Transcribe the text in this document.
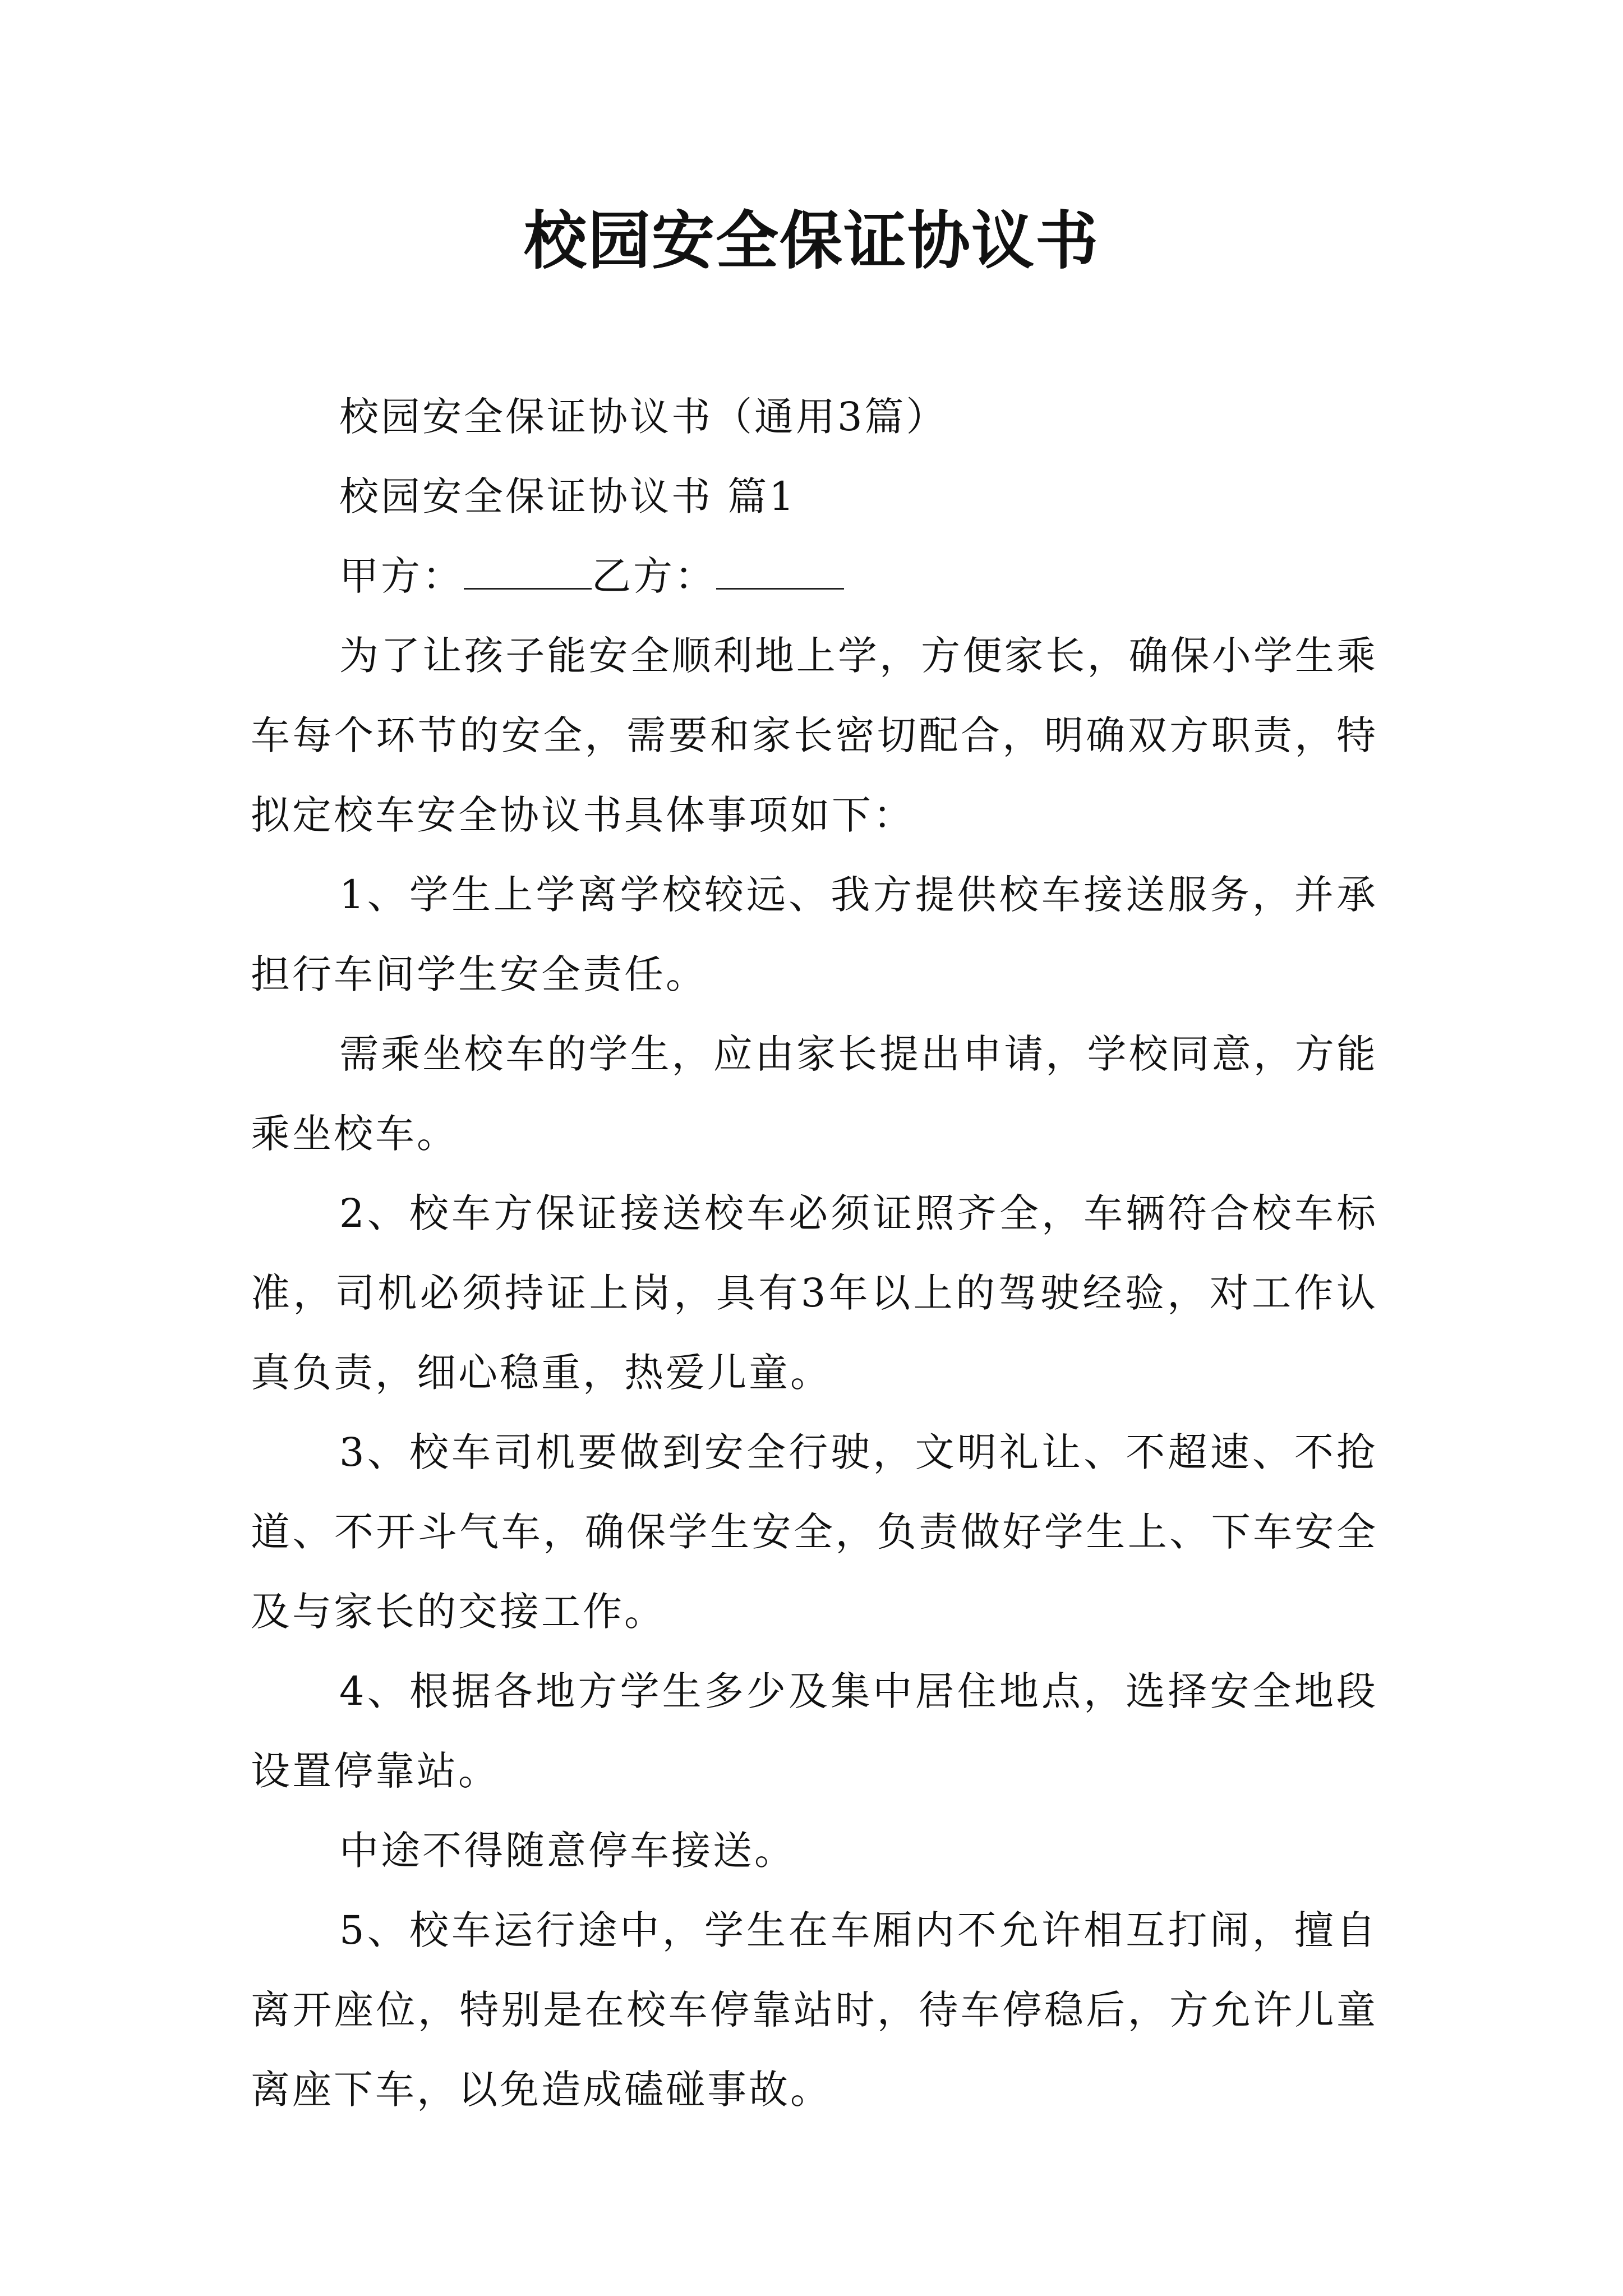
校园安全保证协议书

校园安全保证协议书（通用3篇）

校园安全保证协议书 篇1

甲方：	乙方：

为了让孩子能安全顺利地上学，方便家长，确保小学生乘车每个环节的安全，需要和家长密切配合，明确双方职责，特拟定校车安全协议书具体事项如下：

1、学生上学离学校较远、我方提供校车接送服务，并承担行车间学生安全责任。

需乘坐校车的学生，应由家长提出申请，学校同意，方能乘坐校车。

2、校车方保证接送校车必须证照齐全，车辆符合校车标准，司机必须持证上岗，具有3年以上的驾驶经验，对工作认真负责，细心稳重，热爱儿童。

3、校车司机要做到安全行驶，文明礼让、不超速、不抢道、不开斗气车，确保学生安全，负责做好学生上、下车安全及与家长的交接工作。

4、根据各地方学生多少及集中居住地点，选择安全地段设置停靠站。

中途不得随意停车接送。

5、校车运行途中，学生在车厢内不允许相互打闹，擅自离开座位，特别是在校车停靠站时，待车停稳后，方允许儿童离座下车，以免造成磕碰事故。
